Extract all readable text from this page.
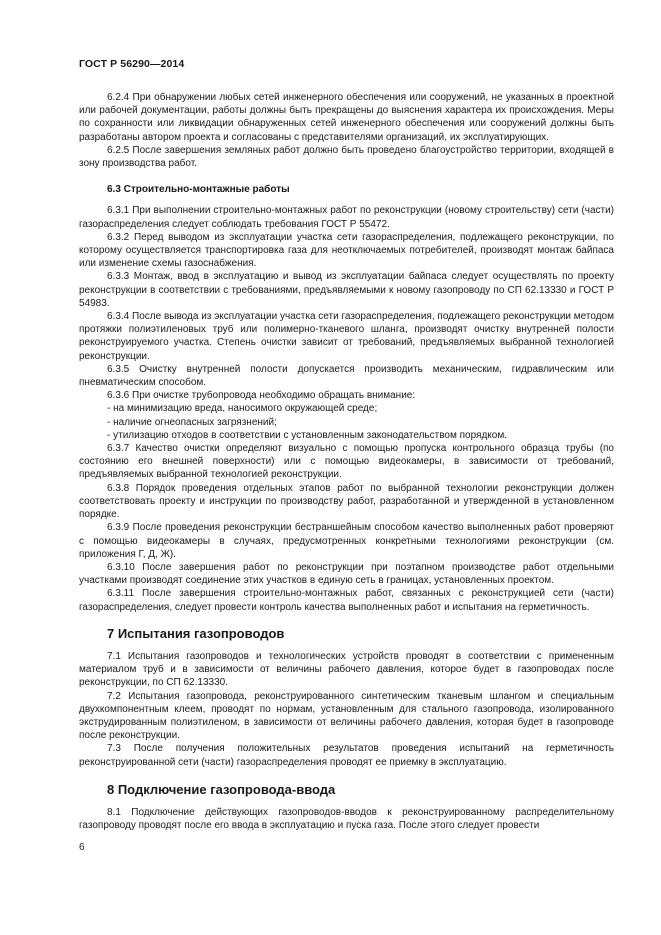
ГОСТ Р 56290—2014

6.2.4 При обнаружении любых сетей инженерного обеспечения или сооружений, не указанных в проектной или рабочей документации, работы должны быть прекращены до выяснения характера их происхождения. Меры по сохранности или ликвидации обнаруженных сетей инженерного обеспечения или сооружений должны быть разработаны автором проекта и согласованы с представителями организаций, их эксплуатирующих.

6.2.5 После завершения земляных работ должно быть проведено благоустройство территории, входящей в зону производства работ.

6.3 Строительно-монтажные работы

6.3.1 При выполнении строительно-монтажных работ по реконструкции (новому строительству) сети (части) газораспределения следует соблюдать требования ГОСТ Р 55472.

6.3.2 Перед выводом из эксплуатации участка сети газораспределения, подлежащего реконструкции, по которому осуществляется транспортировка газа для неотключаемых потребителей, производят монтаж байпаса или изменение схемы газоснабжения.

6.3.3 Монтаж, ввод в эксплуатацию и вывод из эксплуатации байпаса следует осуществлять по проекту реконструкции в соответствии с требованиями, предъявляемыми к новому газопроводу по СП 62.13330 и ГОСТ Р 54983.

6.3.4 После вывода из эксплуатации участка сети газораспределения, подлежащего реконструкции методом протяжки полиэтиленовых труб или полимерно-тканевого шланга, производят очистку внутренней полости реконструируемого участка. Степень очистки зависит от требований, предъявляемых выбранной технологией реконструкции.

6.3.5 Очистку внутренней полости допускается производить механическим, гидравлическим или пневматическим способом.

6.3.6 При очистке трубопровода необходимо обращать внимание:

- на минимизацию вреда, наносимого окружающей среде;

- наличие огнеопасных загрязнений;

- утилизацию отходов в соответствии с установленным законодательством порядком.

6.3.7 Качество очистки определяют визуально с помощью пропуска контрольного образца трубы (по состоянию его внешней поверхности) или с помощью видеокамеры, в зависимости от требований, предъявляемых выбранной технологией реконструкции.

6.3.8 Порядок проведения отдельных этапов работ по выбранной технологии реконструкции должен соответствовать проекту и инструкции по производству работ, разработанной и утвержденной в установленном порядке.

6.3.9 После проведения реконструкции бестраншейным способом качество выполненных работ проверяют с помощью видеокамеры в случаях, предусмотренных конкретными технологиями реконструкции (см. приложения Г, Д, Ж).

6.3.10 После завершения работ по реконструкции при поэтапном производстве работ отдельными участками производят соединение этих участков в единую сеть в границах, установленных проектом.

6.3.11 После завершения строительно-монтажных работ, связанных с реконструкцией сети (части) газораспределения, следует провести контроль качества выполненных работ и испытания на герметичность.

7 Испытания газопроводов

7.1 Испытания газопроводов и технологических устройств проводят в соответствии с примененным материалом труб и в зависимости от величины рабочего давления, которое будет в газопроводах после реконструкции, по СП 62.13330.

7.2 Испытания газопровода, реконструированного синтетическим тканевым шлангом и специальным двухкомпонентным клеем, проводят по нормам, установленным для стального газопровода, изолированного экструдированным полиэтиленом, в зависимости от величины рабочего давления, которая будет в газопроводе после реконструкции.

7.3 После получения положительных результатов проведения испытаний на герметичность реконструированной сети (части) газораспределения проводят ее приемку в эксплуатацию.

8 Подключение газопровода-ввода

8.1 Подключение действующих газопроводов-вводов к реконструированному распределительному газопроводу проводят после его ввода в эксплуатацию и пуска газа. После этого следует провести

6
